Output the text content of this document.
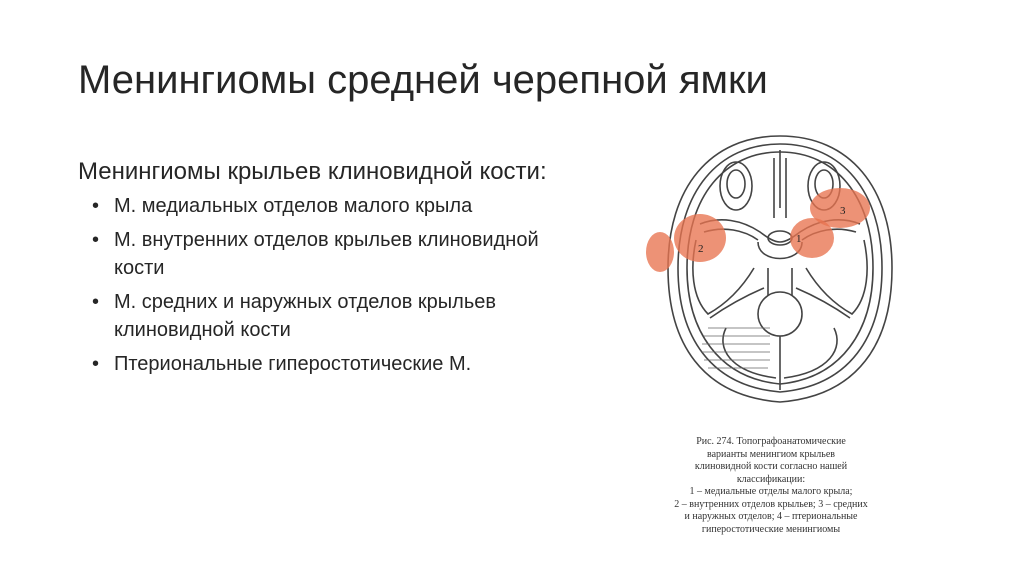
Менингиомы средней черепной ямки

Менингиомы крыльев клиновидной кости:

• М. медиальных отделов малого крыла
• М. внутренних отделов крыльев клиновидной кости
• М. средних и наружных отделов крыльев клиновидной кости
• Птериональные гиперостотические М.
1
2
3

Рис. 274. Топографоанатомические

варианты менингиом крыльев

клиновидной кости согласно нашей

классификации:

1 – медиальные отделы малого крыла;

2 – внутренних отделов крыльев; 3 – средних

и наружных отделов; 4 – птериональные

гиперостотические менингиомы
